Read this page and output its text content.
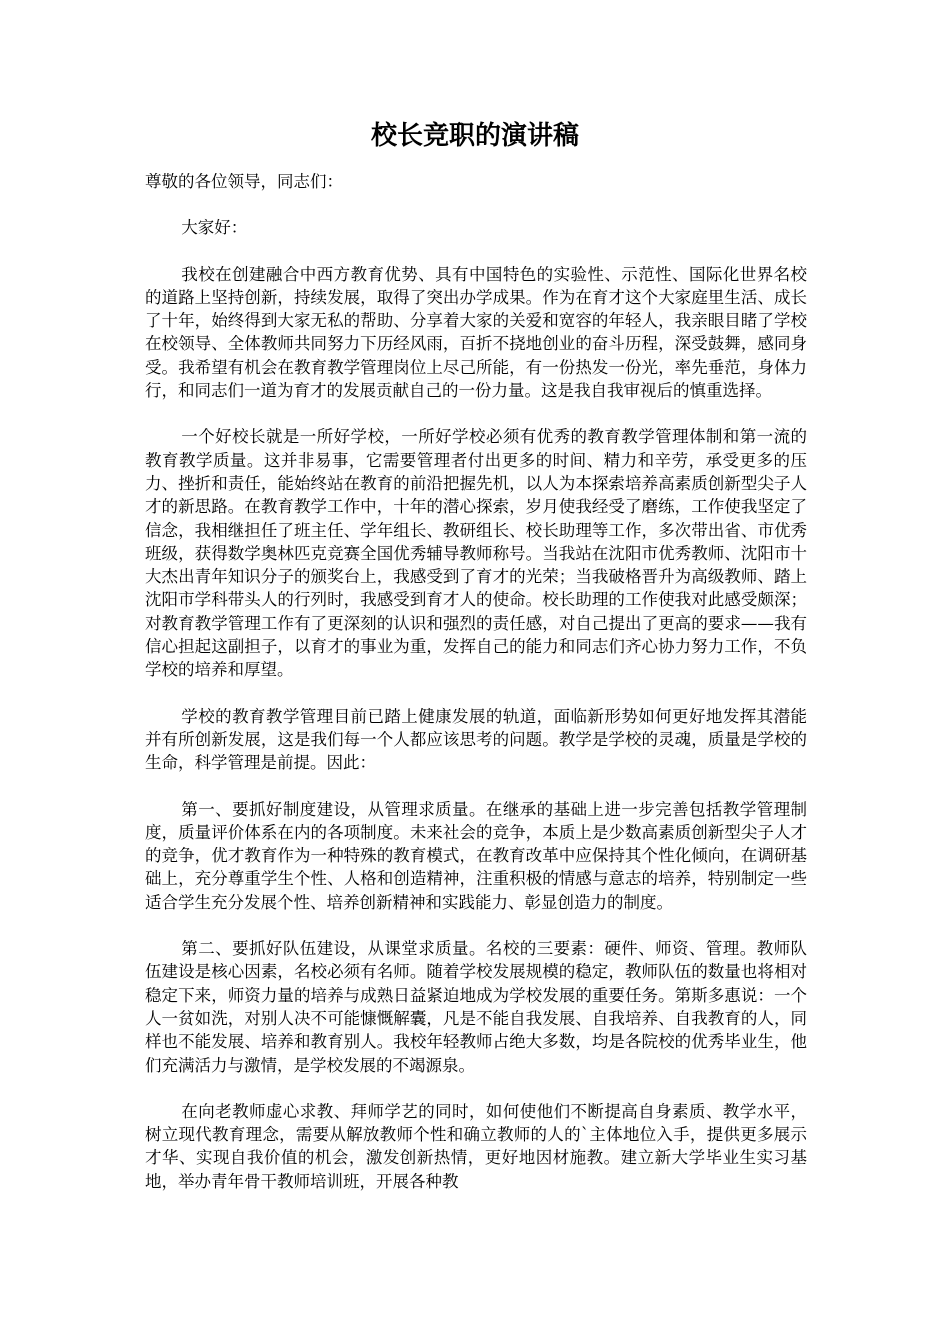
校长竞职的演讲稿

尊敬的各位领导，同志们：

大家好：

我校在创建融合中西方教育优势、具有中国特色的实验性、示范性、国际化世界名校的道路上坚持创新，持续发展，取得了突出办学成果。作为在育才这个大家庭里生活、成长了十年，始终得到大家无私的帮助、分享着大家的关爱和宽容的年轻人，我亲眼目睹了学校在校领导、全体教师共同努力下历经风雨，百折不挠地创业的奋斗历程，深受鼓舞，感同身受。我希望有机会在教育教学管理岗位上尽己所能，有一份热发一份光，率先垂范，身体力行，和同志们一道为育才的发展贡献自己的一份力量。这是我自我审视后的慎重选择。

一个好校长就是一所好学校，一所好学校必须有优秀的教育教学管理体制和第一流的教育教学质量。这并非易事，它需要管理者付出更多的时间、精力和辛劳，承受更多的压力、挫折和责任，能始终站在教育的前沿把握先机，以人为本探索培养高素质创新型尖子人才的新思路。在教育教学工作中，十年的潜心探索，岁月使我经受了磨练，工作使我坚定了信念，我相继担任了班主任、学年组长、教研组长、校长助理等工作，多次带出省、市优秀班级，获得数学奥林匹克竞赛全国优秀辅导教师称号。当我站在沈阳市优秀教师、沈阳市十大杰出青年知识分子的颁奖台上，我感受到了育才的光荣；当我破格晋升为高级教师、踏上沈阳市学科带头人的行列时，我感受到育才人的使命。校长助理的工作使我对此感受颇深；对教育教学管理工作有了更深刻的认识和强烈的责任感，对自己提出了更高的要求——我有信心担起这副担子，以育才的事业为重，发挥自己的能力和同志们齐心协力努力工作，不负学校的培养和厚望。

学校的教育教学管理目前已踏上健康发展的轨道，面临新形势如何更好地发挥其潜能并有所创新发展，这是我们每一个人都应该思考的问题。教学是学校的灵魂，质量是学校的生命，科学管理是前提。因此：

第一、要抓好制度建设，从管理求质量。在继承的基础上进一步完善包括教学管理制度，质量评价体系在内的各项制度。未来社会的竞争，本质上是少数高素质创新型尖子人才的竞争，优才教育作为一种特殊的教育模式，在教育改革中应保持其个性化倾向，在调研基础上，充分尊重学生个性、人格和创造精神，注重积极的情感与意志的培养，特别制定一些适合学生充分发展个性、培养创新精神和实践能力、彰显创造力的制度。

第二、要抓好队伍建设，从课堂求质量。名校的三要素：硬件、师资、管理。教师队伍建设是核心因素，名校必须有名师。随着学校发展规模的稳定，教师队伍的数量也将相对稳定下来，师资力量的培养与成熟日益紧迫地成为学校发展的重要任务。第斯多惠说：一个人一贫如洗，对别人决不可能慷慨解囊，凡是不能自我发展、自我培养、自我教育的人，同样也不能发展、培养和教育别人。我校年轻教师占绝大多数，均是各院校的优秀毕业生，他们充满活力与激情，是学校发展的不竭源泉。

在向老教师虚心求教、拜师学艺的同时，如何使他们不断提高自身素质、教学水平，树立现代教育理念，需要从解放教师个性和确立教师的人的`主体地位入手，提供更多展示才华、实现自我价值的机会，激发创新热情，更好地因材施教。建立新大学毕业生实习基地，举办青年骨干教师培训班，开展各种教
